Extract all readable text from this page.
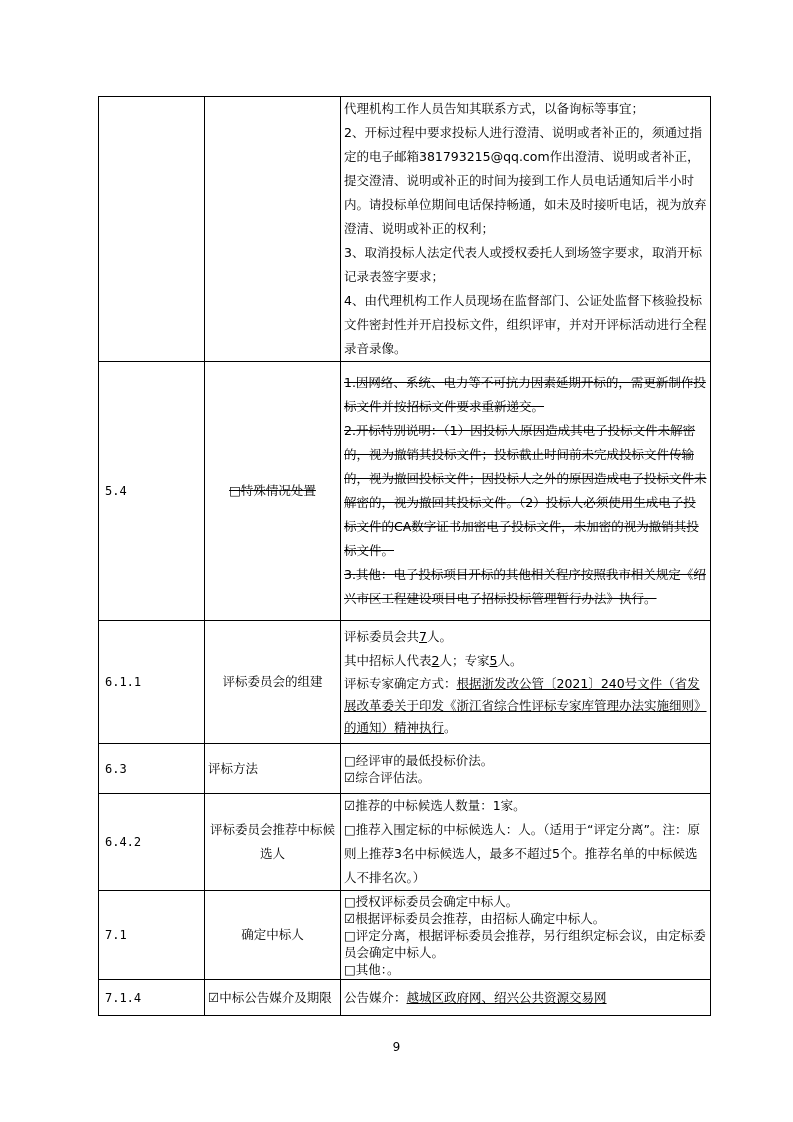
		代理机构工作人员告知其联系方式，以备询标等事宜；

2、开标过程中要求投标人进行澄清、说明或者补正的，须通过指定的电子邮箱381793215@qq.com作出澄清、说明或者补正，提交澄清、说明或补正的时间为接到工作人员电话通知后半小时内。请投标单位期间电话保持畅通，如未及时接听电话，视为放弃澄清、说明或补正的权利；

3、取消投标人法定代表人或授权委托人到场签字要求，取消开标记录表签字要求；

4、由代理机构工作人员现场在监督部门、公证处监督下核验投标文件密封性并开启投标文件，组织评审，并对开评标活动进行全程录音录像。

5.4	□特殊情况处置	1.因网络、系统、电力等不可抗力因素延期开标的，需更新制作投标文件并按招标文件要求重新递交。

2.开标特别说明：（1）因投标人原因造成其电子投标文件未解密的，视为撤销其投标文件；投标截止时间前未完成投标文件传输的，视为撤回投标文件；因投标人之外的原因造成电子投标文件未解密的，视为撤回其投标文件。（2）投标人必须使用生成电子投标文件的CA数字证书加密电子投标文件，未加密的视为撤销其投标文件。

3.其他：电子投标项目开标的其他相关程序按照我市相关规定《绍兴市区工程建设项目电子招标投标管理暂行办法》执行。

6.1.1	评标委员会的组建	评标委员会共7人。

其中招标人代表2人；专家5人。

评标专家确定方式：根据浙发改公管〔2021〕240号文件（省发展改革委关于印发《浙江省综合性评标专家库管理办法实施细则》的通知）精神执行。

6.3	评标方法	□经评审的最低投标价法。

☑综合评估法。

6.4.2	评标委员会推荐中标候选人	☑推荐的中标候选人数量：1家。

□推荐入围定标的中标候选人：人。（适用于“评定分离”。注：原则上推荐3名中标候选人，最多不超过5个。推荐名单的中标候选人不排名次。）

7.1	确定中标人	□授权评标委员会确定中标人。

☑根据评标委员会推荐，由招标人确定中标人。

□评定分离，根据评标委员会推荐，另行组织定标会议，由定标委员会确定中标人。

□其他：。

7.1.4	☑中标公告媒介及期限	公告媒介：越城区政府网、绍兴公共资源交易网

9
